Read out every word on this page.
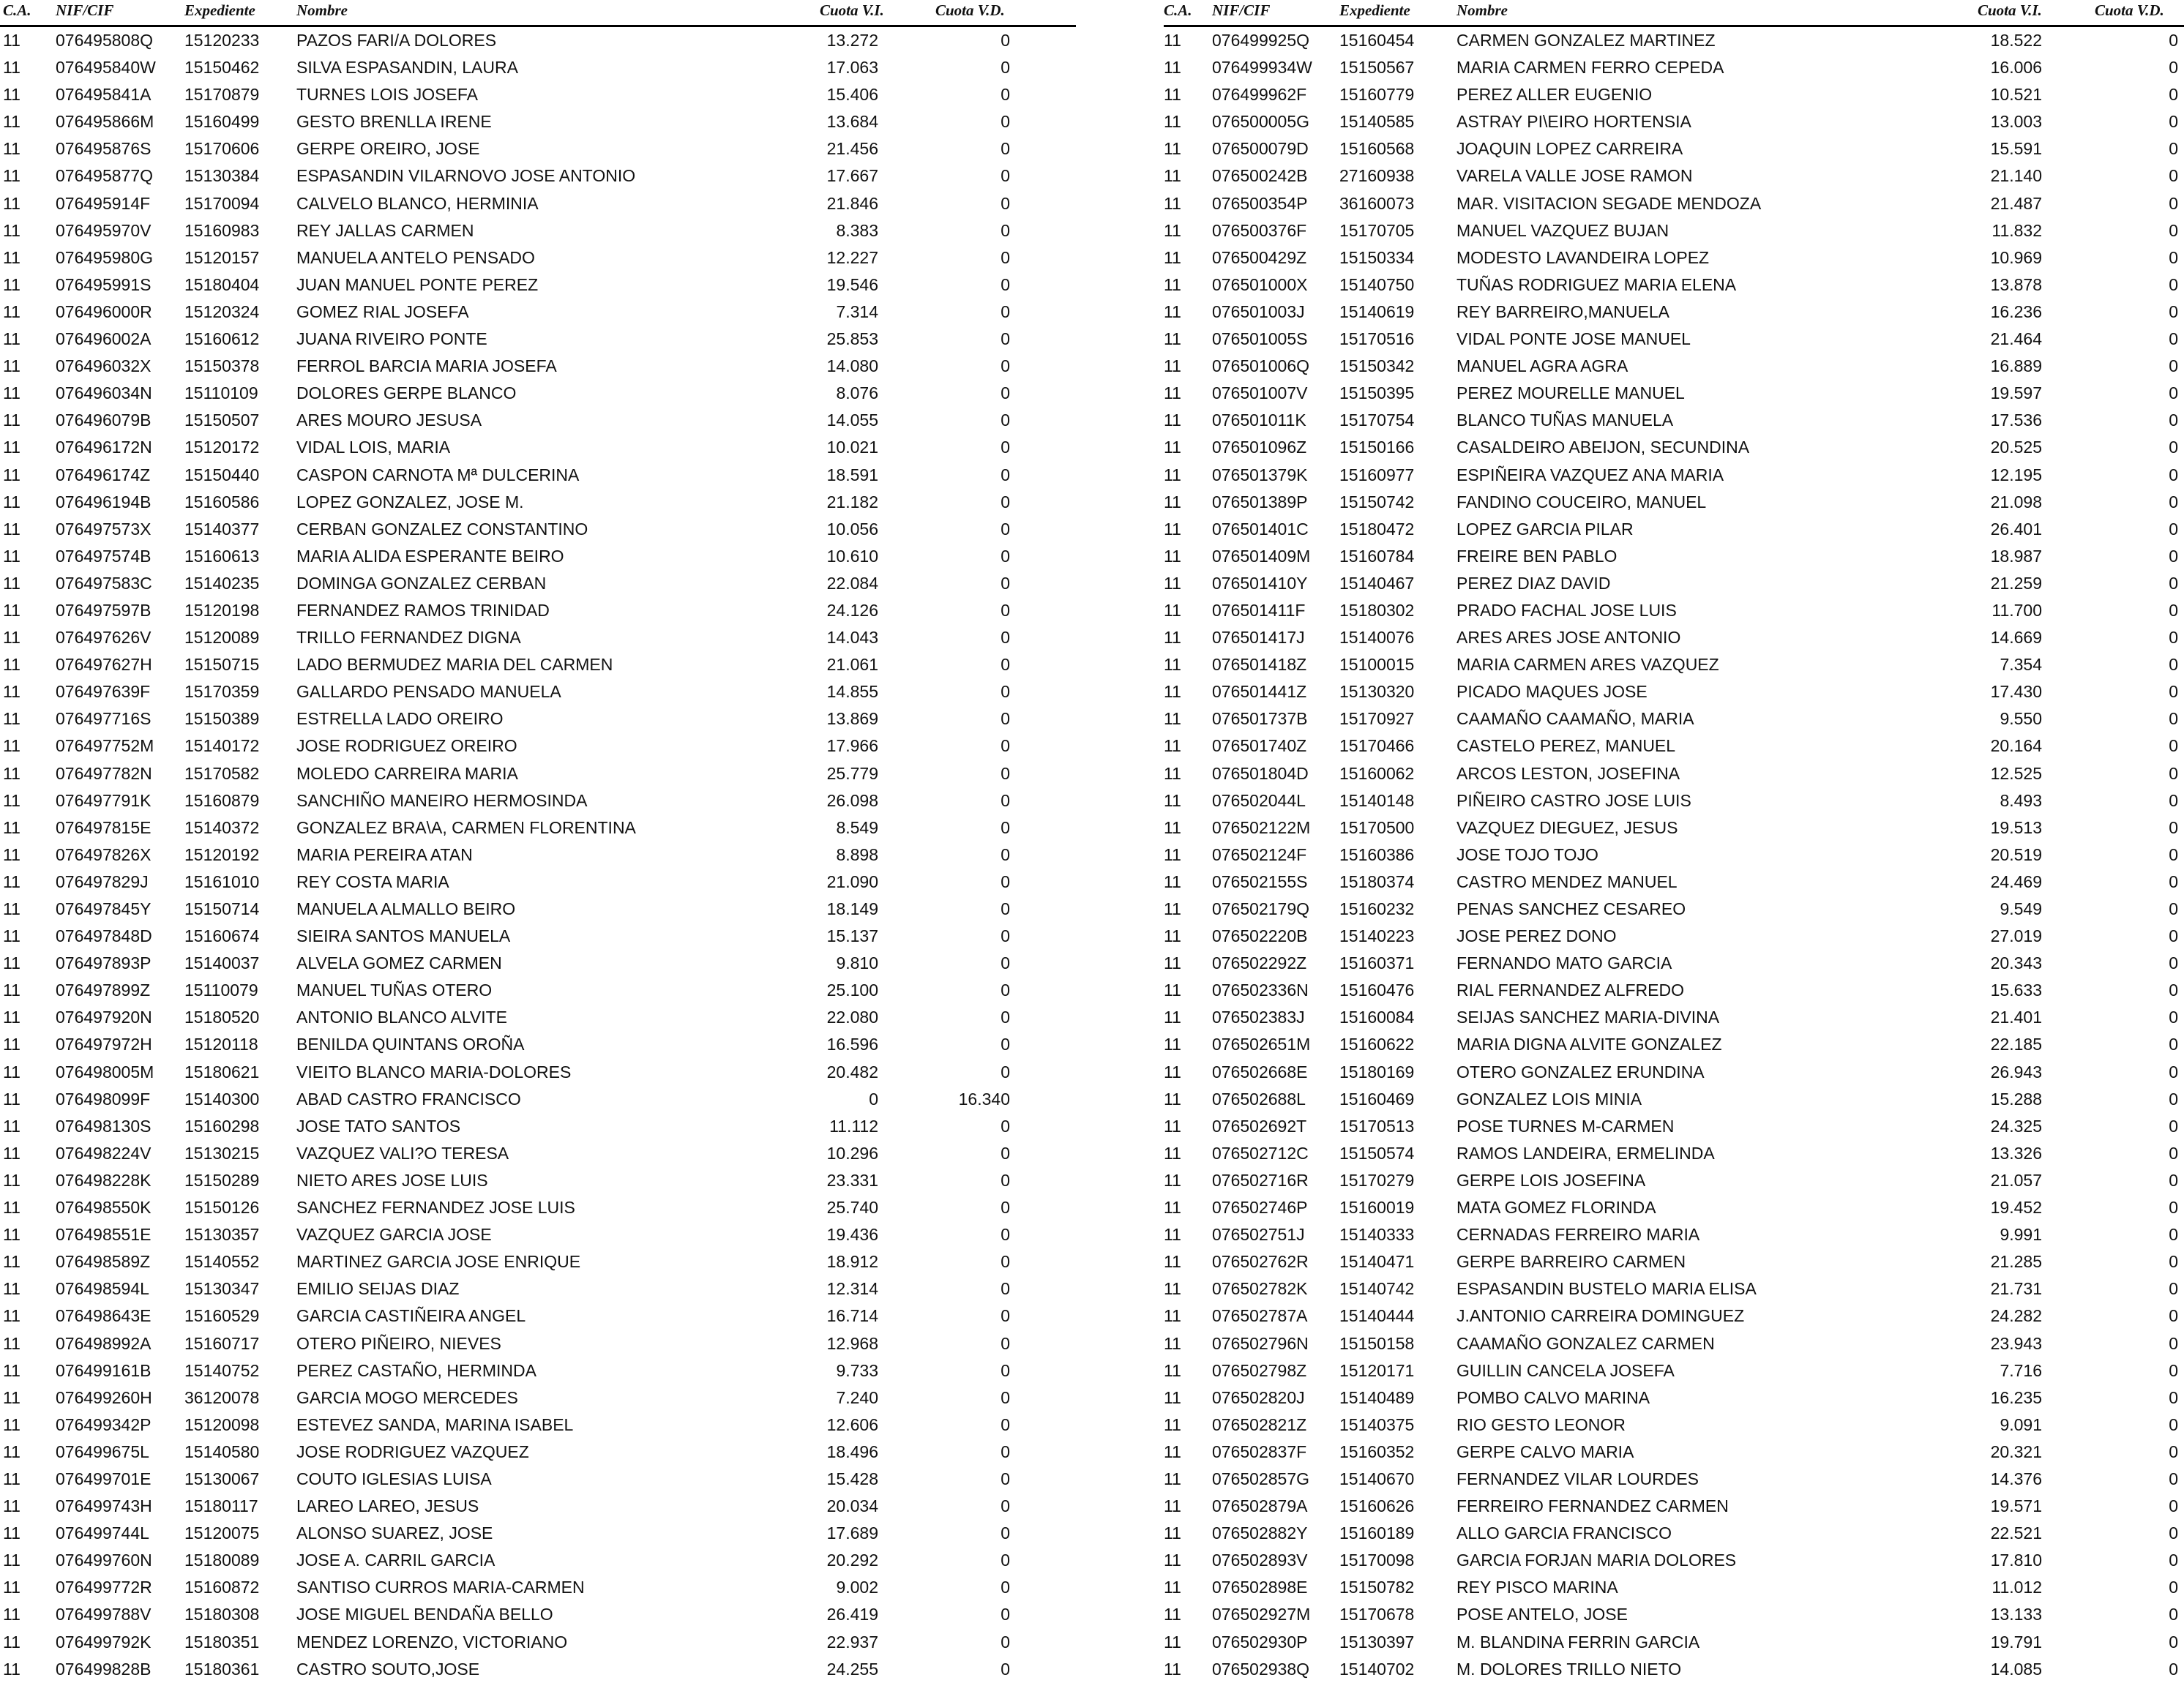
C.A. NIF/CIF	Expediente	Nombre	Cuota V.I.	Cuota V.D.
11 076495808Q 15120233 PAZOS FARI/A DOLORES	13.272	0
11 076495840W 15150462 SILVA ESPASANDIN, LAURA	17.063	0
11 076495841A 15170879 TURNES LOIS JOSEFA	15.406	0
11 076495866M 15160499 GESTO BRENLLA IRENE	13.684	0
11 076495876S 15170606 GERPE OREIRO, JOSE	21.456	0
11 076495877Q 15130384 ESPASANDIN VILARNOVO JOSE ANTONIO	17.667	0
11 076495914F 15170094 CALVELO BLANCO, HERMINIA	21.846	0
11 076495970V 15160983 REY JALLAS CARMEN	8.383	0
11 076495980G 15120157 MANUELA ANTELO PENSADO	12.227	0
11 076495991S 15180404 JUAN MANUEL PONTE PEREZ	19.546	0
11 076496000R 15120324 GOMEZ RIAL JOSEFA	7.314	0
11 076496002A 15160612 JUANA RIVEIRO PONTE	25.853	0
11 076496032X 15150378 FERROL BARCIA MARIA JOSEFA	14.080	0
11 076496034N 15110109 DOLORES GERPE BLANCO	8.076	0
11 076496079B 15150507 ARES MOURO JESUSA	14.055	0
11 076496172N 15120172 VIDAL LOIS, MARIA	10.021	0
11 076496174Z 15150440 CASPON CARNOTA Mª DULCERINA	18.591	0
11 076496194B 15160586 LOPEZ GONZALEZ, JOSE M.	21.182	0
11 076497573X 15140377 CERBAN GONZALEZ CONSTANTINO	10.056	0
11 076497574B 15160613 MARIA ALIDA ESPERANTE BEIRO	10.610	0
11 076497583C 15140235 DOMINGA GONZALEZ CERBAN	22.084	0
11 076497597B 15120198 FERNANDEZ RAMOS TRINIDAD	24.126	0
11 076497626V 15120089 TRILLO FERNANDEZ DIGNA	14.043	0
11 076497627H 15150715 LADO BERMUDEZ MARIA DEL CARMEN	21.061	0
11 076497639F 15170359 GALLARDO PENSADO MANUELA	14.855	0
11 076497716S 15150389 ESTRELLA LADO OREIRO	13.869	0
11 076497752M 15140172 JOSE RODRIGUEZ OREIRO	17.966	0
11 076497782N 15170582 MOLEDO CARREIRA MARIA	25.779	0
11 076497791K 15160879 SANCHIÑO MANEIRO HERMOSINDA	26.098	0
11 076497815E 15140372 GONZALEZ BRA\A, CARMEN FLORENTINA	8.549	0
11 076497826X 15120192 MARIA PEREIRA ATAN	8.898	0
11 076497829J 15161010 REY COSTA MARIA	21.090	0
11 076497845Y 15150714 MANUELA ALMALLO BEIRO	18.149	0
11 076497848D 15160674 SIEIRA SANTOS MANUELA	15.137	0
11 076497893P 15140037 ALVELA GOMEZ CARMEN	9.810	0
11 076497899Z 15110079 MANUEL TUÑAS OTERO	25.100	0
11 076497920N 15180520 ANTONIO BLANCO ALVITE	22.080	0
11 076497972H 15120118 BENILDA QUINTANS OROÑA	16.596	0
11 076498005M 15180621 VIEITO BLANCO MARIA-DOLORES	20.482	0
11 076498099F 15140300 ABAD CASTRO FRANCISCO	0	16.340
11 076498130S 15160298 JOSE TATO SANTOS	11.112	0
11 076498224V 15130215 VAZQUEZ VALI?O TERESA	10.296	0
11 076498228K 15150289 NIETO ARES JOSE LUIS	23.331	0
11 076498550K 15150126 SANCHEZ FERNANDEZ JOSE LUIS	25.740	0
11 076498551E 15130357 VAZQUEZ GARCIA JOSE	19.436	0
11 076498589Z 15140552 MARTINEZ GARCIA JOSE ENRIQUE	18.912	0
11 076498594L 15130347 EMILIO SEIJAS DIAZ	12.314	0
11 076498643E 15160529 GARCIA CASTIÑEIRA ANGEL	16.714	0
11 076498992A 15160717 OTERO PIÑEIRO, NIEVES	12.968	0
11 076499161B 15140752 PEREZ CASTAÑO, HERMINDA	9.733	0
11 076499260H 36120078 GARCIA MOGO MERCEDES	7.240	0
11 076499342P 15120098 ESTEVEZ SANDA, MARINA ISABEL	12.606	0
11 076499675L 15140580 JOSE RODRIGUEZ VAZQUEZ	18.496	0
11 076499701E 15130067 COUTO IGLESIAS LUISA	15.428	0
11 076499743H 15180117 LAREO LAREO, JESUS	20.034	0
11 076499744L 15120075 ALONSO SUAREZ, JOSE	17.689	0
11 076499760N 15180089 JOSE A. CARRIL GARCIA	20.292	0
11 076499772R 15160872 SANTISO CURROS MARIA-CARMEN	9.002	0
11 076499788V 15180308 JOSE MIGUEL BENDAÑA BELLO	26.419	0
11 076499792K 15180351 MENDEZ LORENZO, VICTORIANO	22.937	0
11 076499828B 15180361 CASTRO SOUTO,JOSE	24.255	0
C.A. NIF/CIF	Expediente	Nombre	Cuota V.I.	Cuota V.D.
11 076499925Q 15160454	CARMEN GONZALEZ MARTINEZ	18.522	0
11 076499934W 15150567	MARIA CARMEN FERRO CEPEDA	16.006	0
11 076499962F 15160779	PEREZ ALLER EUGENIO	10.521	0
11 076500005G 15140585	ASTRAY PI\EIRO HORTENSIA	13.003	0
11 076500079D 15160568	JOAQUIN LOPEZ CARREIRA	15.591	0
11 076500242B 27160938	VARELA VALLE JOSE RAMON	21.140	0
11 076500354P 36160073	MAR. VISITACION SEGADE MENDOZA	21.487	0
11 076500376F 15170705	MANUEL VAZQUEZ BUJAN	11.832	0
11 076500429Z 15150334	MODESTO LAVANDEIRA LOPEZ	10.969	0
11 076501000X 15140750	TUÑAS RODRIGUEZ MARIA ELENA	13.878	0
11 076501003J 15140619	REY BARREIRO,MANUELA	16.236	0
11 076501005S 15170516	VIDAL PONTE JOSE MANUEL	21.464	0
11 076501006Q 15150342	MANUEL AGRA AGRA	16.889	0
11 076501007V 15150395	PEREZ MOURELLE MANUEL	19.597	0
11 076501011K 15170754	BLANCO TUÑAS MANUELA	17.536	0
11 076501096Z 15150166	CASALDEIRO ABEIJON, SECUNDINA	20.525	0
11 076501379K 15160977	ESPIÑEIRA VAZQUEZ ANA MARIA	12.195	0
11 076501389P 15150742	FANDINO COUCEIRO, MANUEL	21.098	0
11 076501401C 15180472	LOPEZ GARCIA PILAR	26.401	0
11 076501409M 15160784	FREIRE BEN PABLO	18.987	0
11 076501410Y 15140467	PEREZ DIAZ DAVID	21.259	0
11 076501411F 15180302	PRADO FACHAL JOSE LUIS	11.700	0
11 076501417J 15140076	ARES ARES JOSE ANTONIO	14.669	0
11 076501418Z 15100015	MARIA CARMEN ARES VAZQUEZ	7.354	0
11 076501441Z 15130320	PICADO MAQUES JOSE	17.430	0
11 076501737B 15170927	CAAMAÑO CAAMAÑO, MARIA	9.550	0
11 076501740Z 15170466	CASTELO PEREZ, MANUEL	20.164	0
11 076501804D 15160062	ARCOS LESTON, JOSEFINA	12.525	0
11 076502044L 15140148	PIÑEIRO CASTRO JOSE LUIS	8.493	0
11 076502122M 15170500	VAZQUEZ DIEGUEZ, JESUS	19.513	0
11 076502124F 15160386	JOSE TOJO TOJO	20.519	0
11 076502155S 15180374	CASTRO MENDEZ MANUEL	24.469	0
11 076502179Q 15160232	PENAS SANCHEZ CESAREO	9.549	0
11 076502220B 15140223	JOSE PEREZ DONO	27.019	0
11 076502292Z 15160371	FERNANDO MATO GARCIA	20.343	0
11 076502336N 15160476	RIAL FERNANDEZ ALFREDO	15.633	0
11 076502383J 15160084	SEIJAS SANCHEZ MARIA-DIVINA	21.401	0
11 076502651M 15160622	MARIA DIGNA ALVITE GONZALEZ	22.185	0
11 076502668E 15180169	OTERO GONZALEZ ERUNDINA	26.943	0
11 076502688L 15160469	GONZALEZ LOIS MINIA	15.288	0
11 076502692T 15170513	POSE TURNES M-CARMEN	24.325	0
11 076502712C 15150574	RAMOS LANDEIRA, ERMELINDA	13.326	0
11 076502716R 15170279	GERPE LOIS JOSEFINA	21.057	0
11 076502746P 15160019	MATA GOMEZ FLORINDA	19.452	0
11 076502751J 15140333	CERNADAS FERREIRO MARIA	9.991	0
11 076502762R 15140471	GERPE BARREIRO CARMEN	21.285	0
11 076502782K 15140742	ESPASANDIN BUSTELO MARIA ELISA	21.731	0
11 076502787A 15140444	J.ANTONIO CARREIRA DOMINGUEZ	24.282	0
11 076502796N 15150158	CAAMAÑO GONZALEZ CARMEN	23.943	0
11 076502798Z 15120171	GUILLIN CANCELA JOSEFA	7.716	0
11 076502820J 15140489	POMBO CALVO MARINA	16.235	0
11 076502821Z 15140375	RIO GESTO LEONOR	9.091	0
11 076502837F 15160352	GERPE CALVO MARIA	20.321	0
11 076502857G 15140670	FERNANDEZ VILAR LOURDES	14.376	0
11 076502879A 15160626	FERREIRO FERNANDEZ CARMEN	19.571	0
11 076502882Y 15160189	ALLO GARCIA FRANCISCO	22.521	0
11 076502893V 15170098	GARCIA FORJAN MARIA DOLORES	17.810	0
11 076502898E 15150782	REY PISCO MARINA	11.012	0
11 076502927M 15170678	POSE ANTELO, JOSE	13.133	0
11 076502930P 15130397	M. BLANDINA FERRIN GARCIA	19.791	0
11 076502938Q 15140702	M. DOLORES TRILLO NIETO	14.085	0
